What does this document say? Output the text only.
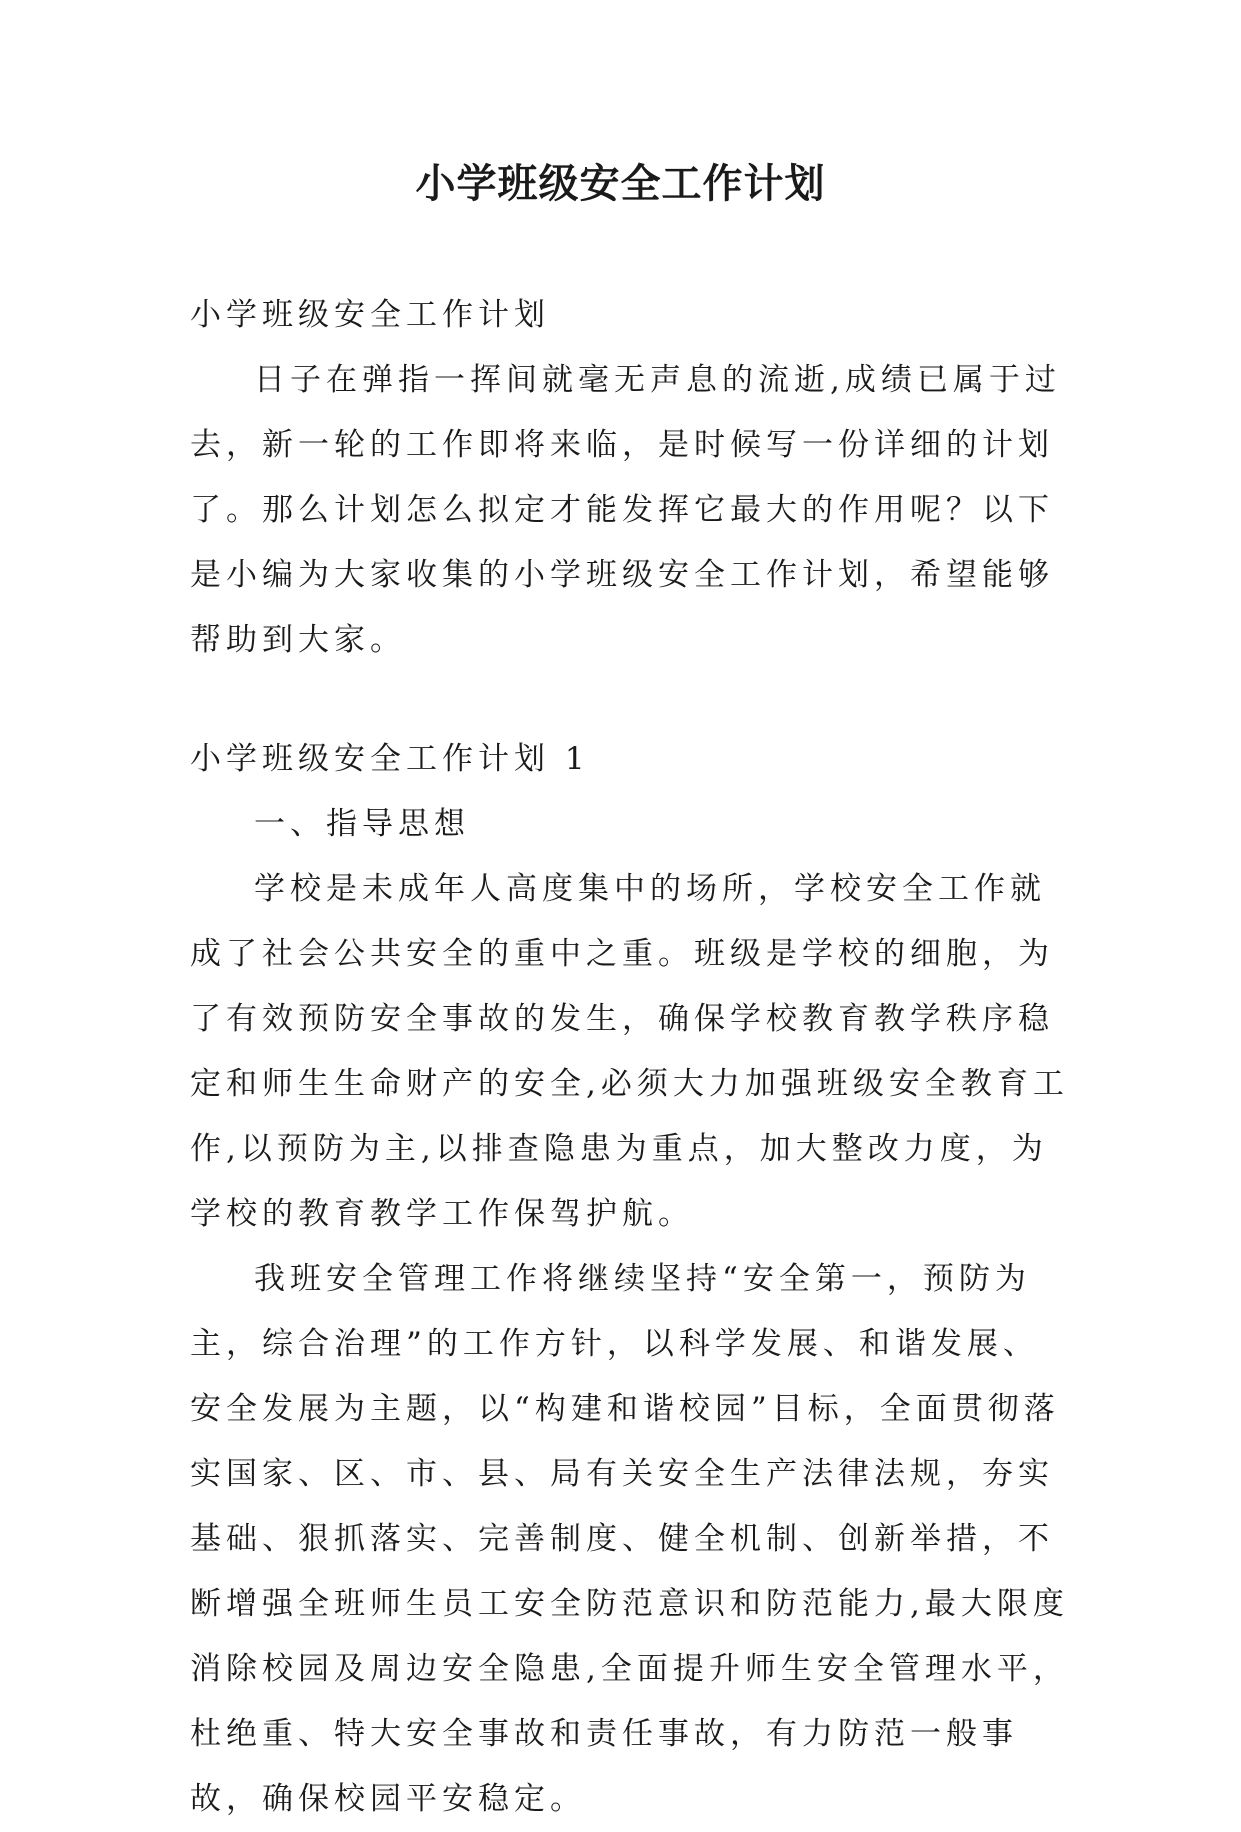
小学班级安全工作计划

小学班级安全工作计划

日子在弹指一挥间就毫无声息的流逝,成绩已属于过去，新一轮的工作即将来临，是时候写一份详细的计划了。那么计划怎么拟定才能发挥它最大的作用呢？以下是小编为大家收集的小学班级安全工作计划，希望能够帮助到大家。

小学班级安全工作计划 1

一、指导思想

学校是未成年人高度集中的场所，学校安全工作就成了社会公共安全的重中之重。班级是学校的细胞，为了有效预防安全事故的发生，确保学校教育教学秩序稳定和师生生命财产的安全,必须大力加强班级安全教育工作,以预防为主,以排查隐患为重点，加大整改力度，为学校的教育教学工作保驾护航。

我班安全管理工作将继续坚持“安全第一，预防为主，综合治理”的工作方针，以科学发展、和谐发展、安全发展为主题，以“构建和谐校园”目标，全面贯彻落实国家、区、市、县、局有关安全生产法律法规，夯实基础、狠抓落实、完善制度、健全机制、创新举措，不断增强全班师生员工安全防范意识和防范能力,最大限度消除校园及周边安全隐患,全面提升师生安全管理水平，杜绝重、特大安全事故和责任事故，有力防范一般事故，确保校园平安稳定。
